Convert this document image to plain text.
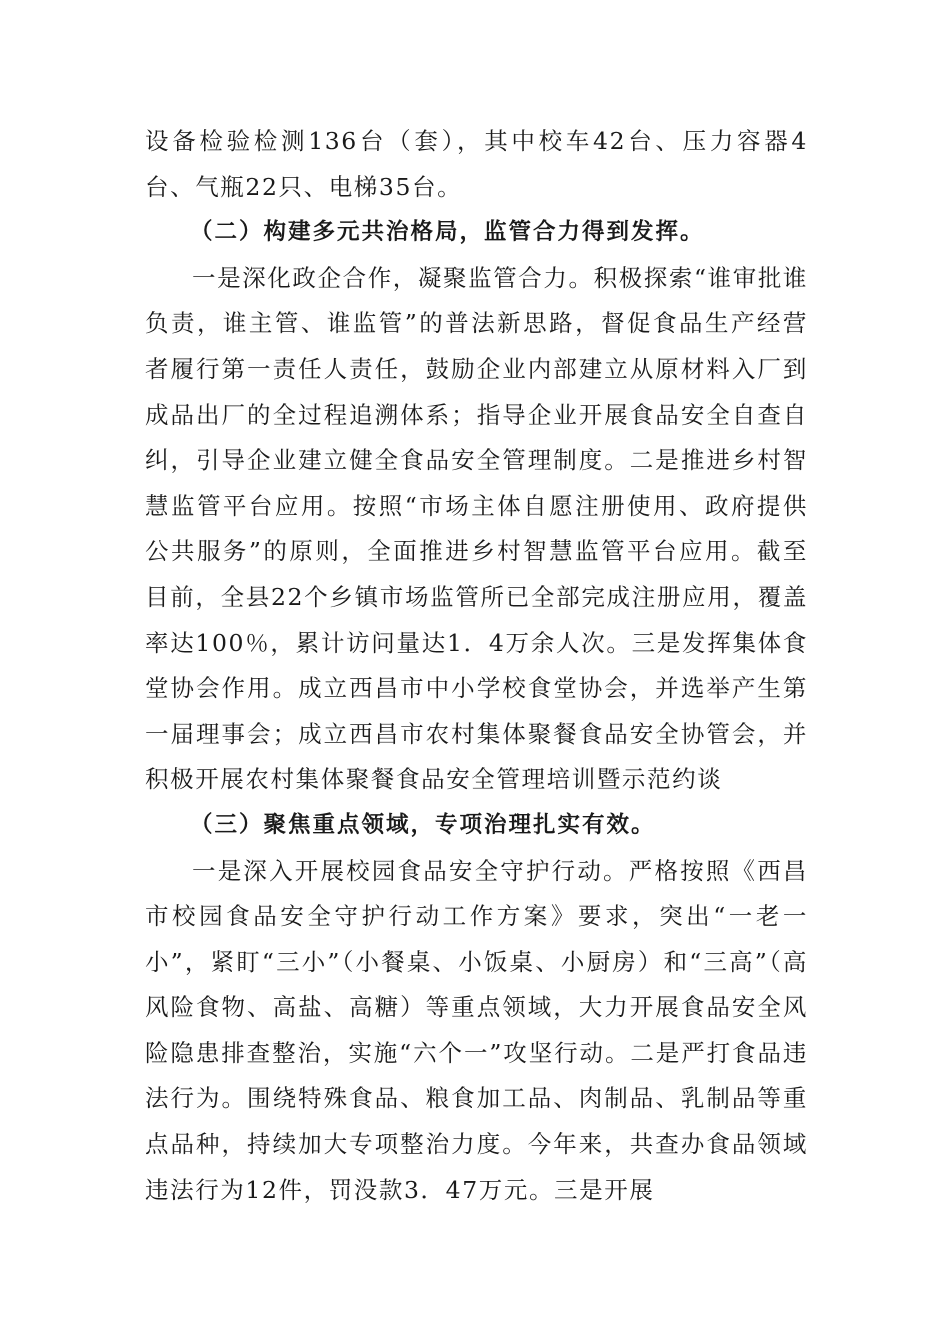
设备检验检测136台（套），其中校车42台、压力容器4台、气瓶22只、电梯35台。

（二）构建多元共治格局，监管合力得到发挥。

一是深化政企合作，凝聚监管合力。积极探索“谁审批谁负责，谁主管、谁监管”的普法新思路，督促食品生产经营者履行第一责任人责任，鼓励企业内部建立从原材料入厂到成品出厂的全过程追溯体系；指导企业开展食品安全自查自纠，引导企业建立健全食品安全管理制度。二是推进乡村智慧监管平台应用。按照“市场主体自愿注册使用、政府提供公共服务”的原则，全面推进乡村智慧监管平台应用。截至目前，全县22个乡镇市场监管所已全部完成注册应用，覆盖率达100％，累计访问量达1．4万余人次。三是发挥集体食堂协会作用。成立西昌市中小学校食堂协会，并选举产生第一届理事会；成立西昌市农村集体聚餐食品安全协管会，并积极开展农村集体聚餐食品安全管理培训暨示范约谈

（三）聚焦重点领域，专项治理扎实有效。

一是深入开展校园食品安全守护行动。严格按照《西昌市校园食品安全守护行动工作方案》要求，突出“一老一小”，紧盯“三小”（小餐桌、小饭桌、小厨房）和“三高”（高风险食物、高盐、高糖）等重点领域，大力开展食品安全风险隐患排查整治，实施“六个一”攻坚行动。二是严打食品违法行为。围绕特殊食品、粮食加工品、肉制品、乳制品等重点品种，持续加大专项整治力度。今年来，共查办食品领域违法行为12件，罚没款3．47万元。三是开展
